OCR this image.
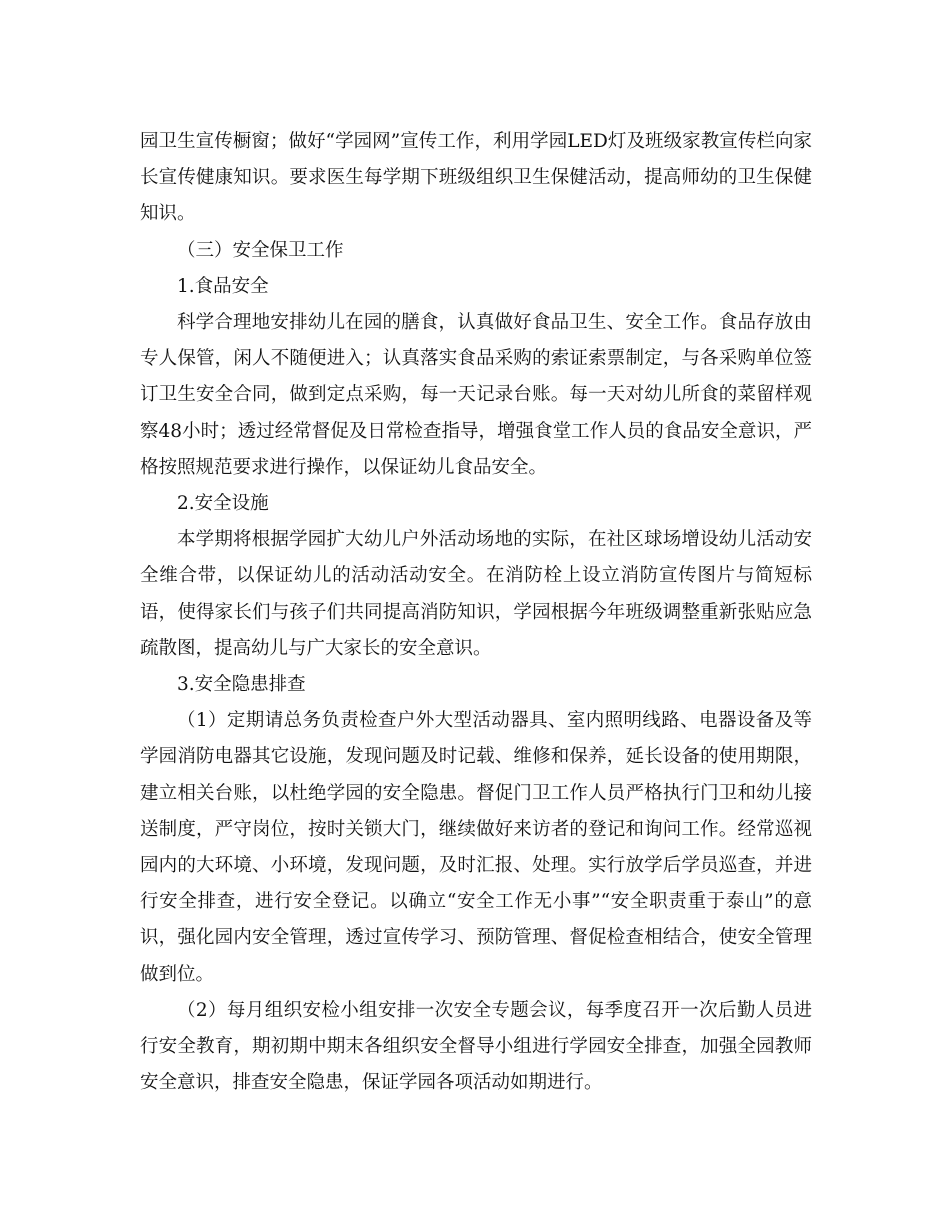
园卫生宣传橱窗；做好“学园网”宣传工作，利用学园LED灯及班级家教宣传栏向家长宣传健康知识。要求医生每学期下班级组织卫生保健活动，提高师幼的卫生保健知识。

（三）安全保卫工作

1.食品安全

科学合理地安排幼儿在园的膳食，认真做好食品卫生、安全工作。食品存放由专人保管，闲人不随便进入；认真落实食品采购的索证索票制定，与各采购单位签订卫生安全合同，做到定点采购，每一天记录台账。每一天对幼儿所食的菜留样观察48小时；透过经常督促及日常检查指导，增强食堂工作人员的食品安全意识，严格按照规范要求进行操作，以保证幼儿食品安全。

2.安全设施

本学期将根据学园扩大幼儿户外活动场地的实际，在社区球场增设幼儿活动安全维合带，以保证幼儿的活动活动安全。在消防栓上设立消防宣传图片与简短标语，使得家长们与孩子们共同提高消防知识，学园根据今年班级调整重新张贴应急疏散图，提高幼儿与广大家长的安全意识。

3.安全隐患排查

（1）定期请总务负责检查户外大型活动器具、室内照明线路、电器设备及等学园消防电器其它设施，发现问题及时记载、维修和保养，延长设备的使用期限，建立相关台账，以杜绝学园的安全隐患。督促门卫工作人员严格执行门卫和幼儿接送制度，严守岗位，按时关锁大门，继续做好来访者的登记和询问工作。经常巡视园内的大环境、小环境，发现问题，及时汇报、处理。实行放学后学员巡查，并进行安全排查，进行安全登记。以确立“安全工作无小事”“安全职责重于泰山”的意识，强化园内安全管理，透过宣传学习、预防管理、督促检查相结合，使安全管理做到位。

（2）每月组织安检小组安排一次安全专题会议，每季度召开一次后勤人员进行安全教育，期初期中期末各组织安全督导小组进行学园安全排查，加强全园教师安全意识，排查安全隐患，保证学园各项活动如期进行。
